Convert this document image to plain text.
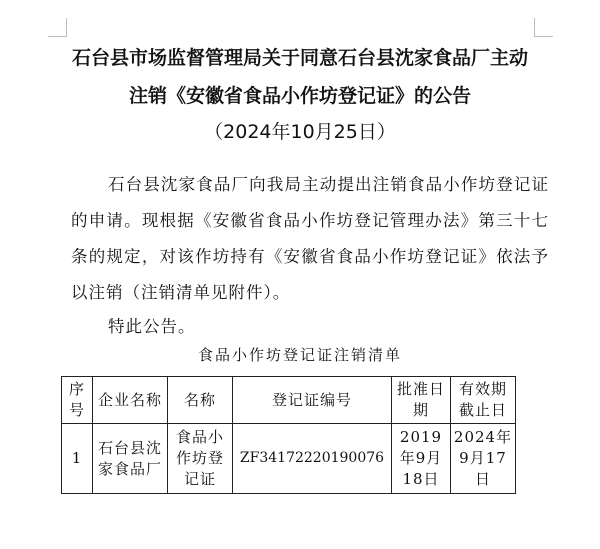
石台县市场监督管理局关于同意石台县沈家食品厂主动
注销《安徽省食品小作坊登记证》的公告
（2024年10月25日）
石台县沈家食品厂向我局主动提出注销食品小作坊登记证的申请。现根据《安徽省食品小作坊登记管理办法》第三十七条的规定，对该作坊持有《安徽省食品小作坊登记证》依法予以注销（注销清单见附件）。
特此公告。
食品小作坊登记证注销清单
序号	企业名称	名称	登记证编号	批准日期	有效期截止日
1	石台县沈家食品厂	食品小作坊登记证	ZF34172220190076	2019年9月18日	2024年9月17日
